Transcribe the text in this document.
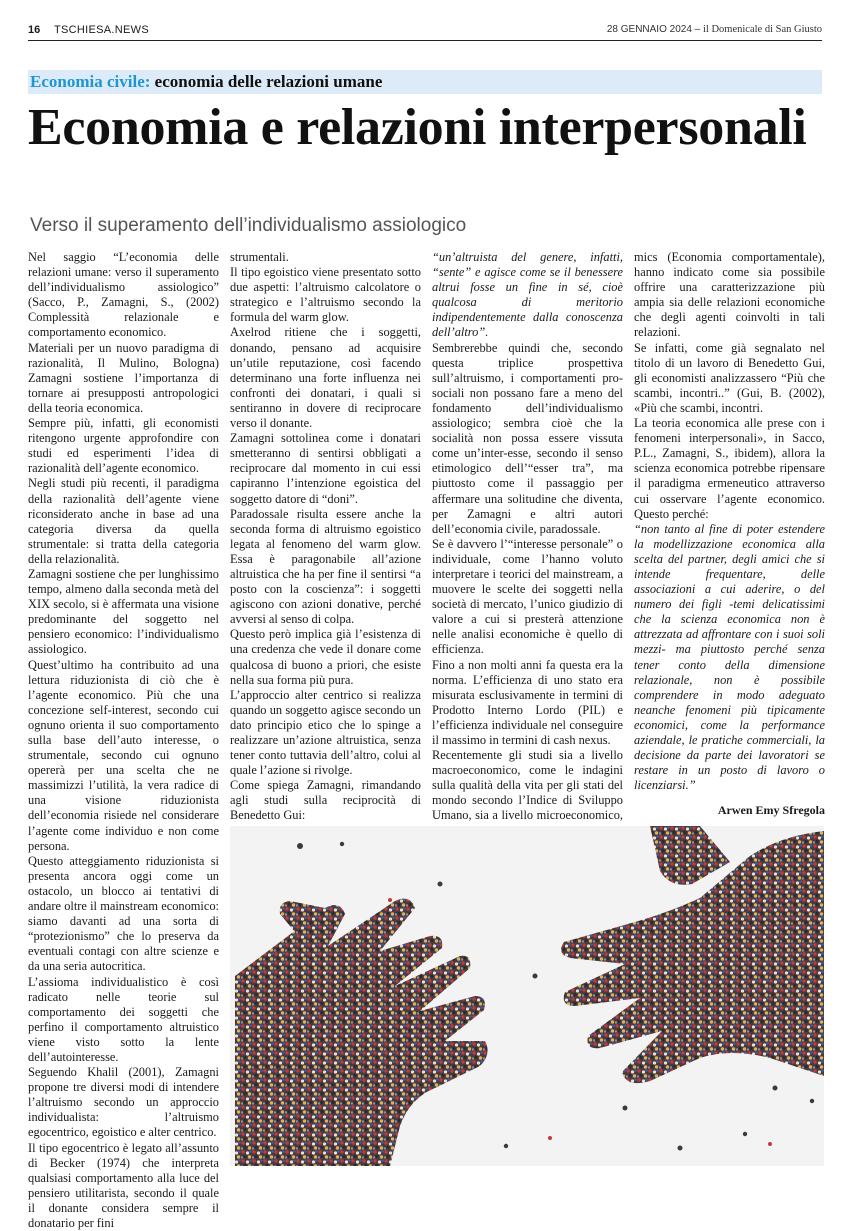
16 TSCHIESA.NEWS	28 GENNAIO 2024 – il Domenicale di San Giusto
Economia civile: economia delle relazioni umane
Economia e relazioni interpersonali
Verso il superamento dell’individualismo assiologico

Nel saggio “L’economia delle relazioni umane: verso il superamento dell’individualismo assiologico” (Sacco, P., Zamagni, S., (2002) Complessità relazionale e comportamento economico.

Materiali per un nuovo paradigma di razionalità, Il Mulino, Bologna) Zamagni sostiene l’importanza di tornare ai presupposti antropologici della teoria economica.

Sempre più, infatti, gli economisti ritengono urgente approfondire con studi ed esperimenti l’idea di razionalità dell’agente economico.

Negli studi più recenti, il paradigma della razionalità dell’agente viene riconsiderato anche in base ad una categoria diversa da quella strumentale: si tratta della categoria della relazionalità.

Zamagni sostiene che per lunghissimo tempo, almeno dalla seconda metà del XIX secolo, si è affermata una visione predominante del soggetto nel pensiero economico: l’individualismo assiologico.

Quest’ultimo ha contribuito ad una lettura riduzionista di ciò che è l’agente economico. Più che una concezione self-interest, secondo cui ognuno orienta il suo comportamento sulla base dell’auto interesse, o strumentale, secondo cui ognuno opererà per una scelta che ne massimizzi l’utilità, la vera radice di una visione riduzionista dell’economia risiede nel considerare l’agente come individuo e non come persona.

Questo atteggiamento riduzionista si presenta ancora oggi come un ostacolo, un blocco ai tentativi di andare oltre il mainstream economico: siamo davanti ad una sorta di “protezionismo” che lo preserva da eventuali contagi con altre scienze e da una seria autocritica.

L’assioma individualistico è così radicato nelle teorie sul comportamento dei soggetti che perfino il comportamento altruistico viene visto sotto la lente dell’autointeresse.

Seguendo Khalil (2001), Zamagni propone tre diversi modi di intendere l’altruismo secondo un approccio individualista: l’altruismo egocentrico, egoistico e alter centrico.

Il tipo egocentrico è legato all’assunto di Becker (1974) che interpreta qualsiasi comportamento alla luce del pensiero utilitarista, secondo il quale il donante considera sempre il donatario per fini

strumentali.

Il tipo egoistico viene presentato sotto due aspetti: l’altruismo calcolatore o strategico e l’altruismo secondo la formula del warm glow.

Axelrod ritiene che i soggetti, donando, pensano ad acquisire un’utile reputazione, così facendo determinano una forte influenza nei confronti dei donatari, i quali si sentiranno in dovere di reciprocare verso il donante.

Zamagni sottolinea come i donatari smetteranno di sentirsi obbligati a reciprocare dal momento in cui essi capiranno l’intenzione egoistica del soggetto datore di “doni”.

Paradossale risulta essere anche la seconda forma di altruismo egoistico legata al fenomeno del warm glow. Essa è paragonabile all’azione altruistica che ha per fine il sentirsi “a posto con la coscienza”: i soggetti agiscono con azioni donative, perché avversi al senso di colpa.

Questo però implica già l’esistenza di una credenza che vede il donare come qualcosa di buono a priori, che esiste nella sua forma più pura.

L’approccio alter centrico si realizza quando un soggetto agisce secondo un dato principio etico che lo spinge a realizzare un’azione altruistica, senza tener conto tuttavia dell’altro, colui al quale l’azione si rivolge.

Come spiega Zamagni, rimandando agli studi sulla reciprocità di Benedetto Gui:

“un’altruista del genere, infatti, “sente” e agisce come se il benessere altrui fosse un fine in sé, cioè qualcosa di meritorio indipendentemente dalla conoscenza dell’altro”.

Sembrerebbe quindi che, secondo questa triplice prospettiva sull’altruismo, i comportamenti pro-sociali non possano fare a meno del fondamento dell’individualismo assiologico; sembra cioè che la socialità non possa essere vissuta come un’inter-esse, secondo il senso etimologico dell’“esser tra”, ma piuttosto come il passaggio per affermare una solitudine che diventa, per Zamagni e altri autori dell’economia civile, paradossale.

Se è davvero l’“interesse personale” o individuale, come l’hanno voluto interpretare i teorici del mainstream, a muovere le scelte dei soggetti nella società di mercato, l’unico giudizio di valore a cui si presterà attenzione nelle analisi economiche è quello di efficienza.

Fino a non molti anni fa questa era la norma. L’efficienza di uno stato era misurata esclusivamente in termini di Prodotto Interno Lordo (PIL) e l’efficienza individuale nel conseguire il massimo in termini di cash nexus.

Recentemente gli studi sia a livello macroeconomico, come le indagini sulla qualità della vita per gli stati del mondo secondo l’Indice di Sviluppo Umano, sia a livello microeconomico,

mics (Economia comportamentale), hanno indicato come sia possibile offrire una caratterizzazione più ampia sia delle relazioni economiche che degli agenti coinvolti in tali relazioni.

Se infatti, come già segnalato nel titolo di un lavoro di Benedetto Gui, gli economisti analizzassero “Più che scambi, incontri..” (Gui, B. (2002), «Più che scambi, incontri.

La teoria economica alle prese con i fenomeni interpersonali», in Sacco, P.L., Zamagni, S., ibidem), allora la scienza economica potrebbe ripensare il paradigma ermeneutico attraverso cui osservare l’agente economico. Questo perché:

“non tanto al fine di poter estendere la modellizzazione economica alla scelta del partner, degli amici che si intende frequentare, delle associazioni a cui aderire, o del numero dei figli -temi delicatissimi che la scienza economica non è attrezzata ad affrontare con i suoi soli mezzi- ma piuttosto perché senza tener conto della dimensione relazionale, non è possibile comprendere in modo adeguato neanche fenomeni più tipicamente economici, come la performance aziendale, le pratiche commerciali, la decisione da parte dei lavoratori se restare in un posto di lavoro o licenziarsi.”

Arwen Emy Sfregola
